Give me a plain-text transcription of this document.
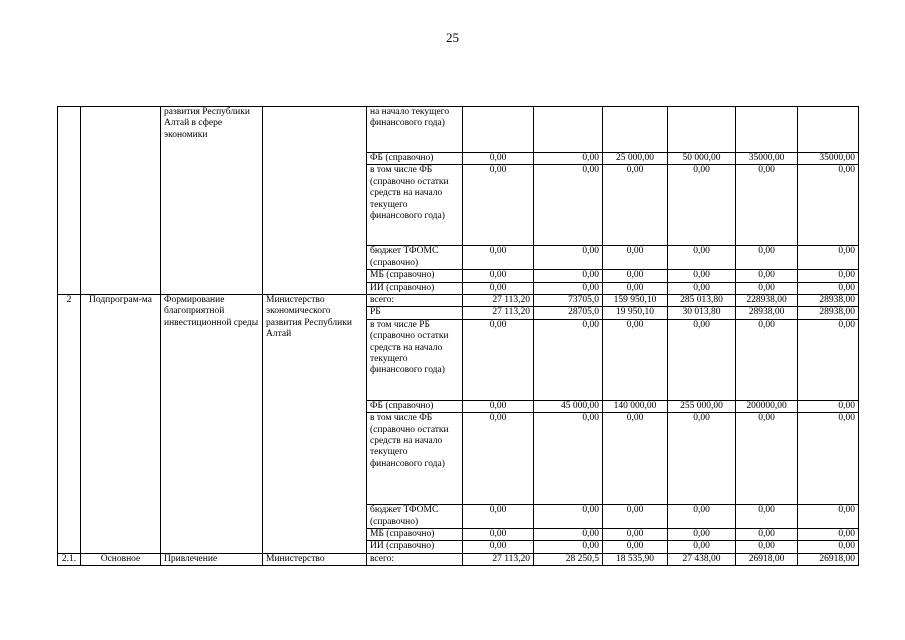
25
		развития Республики Алтай в сфере экономики		на начало текущего финансового года)						
				ФБ (справочно)	0,00	0,00	25 000,00	50 000,00	35000,00	35000,00
				в том числе ФБ (справочно остатки средств на начало текущего финансового года)	0,00	0,00	0,00	0,00	0,00	0,00
				бюджет ТФОМС (справочно)	0,00	0,00	0,00	0,00	0,00	0,00
				МБ (справочно)	0,00	0,00	0,00	0,00	0,00	0,00
				ИИ (справочно)	0,00	0,00	0,00	0,00	0,00	0,00
2	Подпрограм-ма	Формирование благоприятной инвестиционной среды	Министерство экономического развития Республики Алтай	всего:	27 113,20	73705,0	159 950,10	285 013,80	228938,00	28938,00
				РБ	27 113,20	28705,0	19 950,10	30 013,80	28938,00	28938,00
				в том числе РБ (справочно остатки средств на начало текущего финансового года)	0,00	0,00	0,00	0,00	0,00	0,00
				ФБ (справочно)	0,00	45 000,00	140 000,00	255 000,00	200000,00	0,00
				в том числе ФБ (справочно остатки средств на начало текущего финансового года)	0,00	0,00	0,00	0,00	0,00	0,00
				бюджет ТФОМС (справочно)	0,00	0,00	0,00	0,00	0,00	0,00
				МБ (справочно)	0,00	0,00	0,00	0,00	0,00	0,00
				ИИ (справочно)	0,00	0,00	0,00	0,00	0,00	0,00
2.1.	Основное	Привлечение	Министерство	всего:	27 113,20	28 250,5	18 535,90	27 438,00	26918,00	26918,00
